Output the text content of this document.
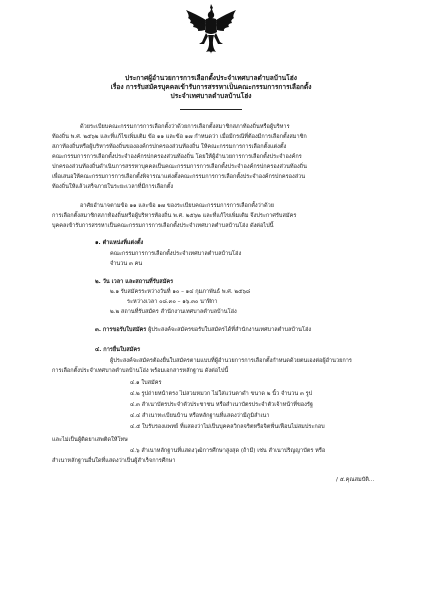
ประกาศผู้อำนวยการการเลือกตั้งประจำเทศบาลตำบลบ้านโฮ่ง
เรื่อง การรับสมัครบุคคลเข้ารับการสรรหาเป็นคณะกรรมการการเลือกตั้ง
ประจำเทศบาลตำบลบ้านโฮ่ง
ด้วยระเบียบคณะกรรมการการเลือกตั้งว่าด้วยการเลือกตั้งสมาชิกสภาท้องถิ่นหรือผู้บริหาร
ท้องถิ่น พ.ศ. ๒๕๖๒ และที่แก้ไขเพิ่มเติม ข้อ ๑๑ และข้อ ๑๗ กำหนดว่า เมื่อมีกรณีที่ต้องมีการเลือกตั้งสมาชิก
สภาท้องถิ่นหรือผู้บริหารท้องถิ่นขององค์กรปกครองส่วนท้องถิ่น ให้คณะกรรมการการเลือกตั้งแต่งตั้ง
คณะกรรมการการเลือกตั้งประจำองค์กรปกครองส่วนท้องถิ่น โดยให้ผู้อำนวยการการเลือกตั้งประจำองค์กร
ปกครองส่วนท้องถิ่นดำเนินการสรรหาบุคคลเป็นคณะกรรมการการเลือกตั้งประจำองค์กรปกครองส่วนท้องถิ่น
เพื่อเสนอให้คณะกรรมการการเลือกตั้งพิจารณาแต่งตั้งคณะกรรมการการเลือกตั้งประจำองค์กรปกครองส่วน
ท้องถิ่นให้แล้วเสร็จภายในระยะเวลาที่มีการเลือกตั้ง
อาศัยอำนาจตามข้อ ๑๑ และข้อ ๑๗ ของระเบียบคณะกรรมการการเลือกตั้งว่าด้วย
การเลือกตั้งสมาชิกสภาท้องถิ่นหรือผู้บริหารท้องถิ่น พ.ศ. ๒๕๖๒ และที่แก้ไขเพิ่มเติม จึงประกาศรับสมัคร
บุคคลเข้ารับการสรรหาเป็นคณะกรรมการการเลือกตั้งประจำเทศบาลตำบลบ้านโฮ่ง ดังต่อไปนี้
๑. ตำแหน่งที่แต่งตั้ง
คณะกรรมการการเลือกตั้งประจำเทศบาลตำบลบ้านโฮ่ง
จำนวน ๓ คน
๒. วัน เวลา และสถานที่รับสมัคร
๒.๑ รับสมัครระหว่างวันที่ ๑๐ – ๑๔ กุมภาพันธ์ พ.ศ. ๒๕๖๘
ระหว่างเวลา ๐๘.๓๐ – ๑๖.๓๐ นาฬิกา
๒.๒ สถานที่รับสมัคร สำนักงานเทศบาลตำบลบ้านโฮ่ง
๓. การขอรับใบสมัคร ผู้ประสงค์จะสมัครขอรับใบสมัครได้ที่สำนักงานเทศบาลตำบลบ้านโฮ่ง
๔. การยื่นใบสมัคร
ผู้ประสงค์จะสมัครต้องยื่นใบสมัครตามแบบที่ผู้อำนวยการการเลือกตั้งกำหนดด้วยตนเองต่อผู้อำนวยการ
การเลือกตั้งประจำเทศบาลตำบลบ้านโฮ่ง พร้อมเอกสารหลักฐาน ดังต่อไปนี้
๔.๑ ใบสมัคร
๔.๒ รูปถ่ายหน้าตรง ไม่สวมหมวก ไม่ใส่แว่นตาดำ ขนาด ๒ นิ้ว จำนวน ๓ รูป
๔.๓ สำเนาบัตรประจำตัวประชาชน หรือสำเนาบัตรประจำตัวเจ้าหน้าที่ของรัฐ
๔.๔ สำเนาทะเบียนบ้าน หรือหลักฐานที่แสดงว่ามีภูมิลำเนา
๔.๕ ใบรับรองแพทย์ ที่แสดงว่าไม่เป็นบุคคลวิกลจริตหรือจิตฟั่นเฟือนไม่สมประกอบ
และไม่เป็นผู้ติดยาเสพติดให้โทษ
๔.๖ สำเนาหลักฐานที่แสดงวุฒิการศึกษาสูงสุด (ถ้ามี) เช่น สำเนาปริญญาบัตร หรือ
สำเนาหลักฐานอื่นใดที่แสดงว่าเป็นผู้สำเร็จการศึกษา
/ ๕.คุณสมบัติ...
